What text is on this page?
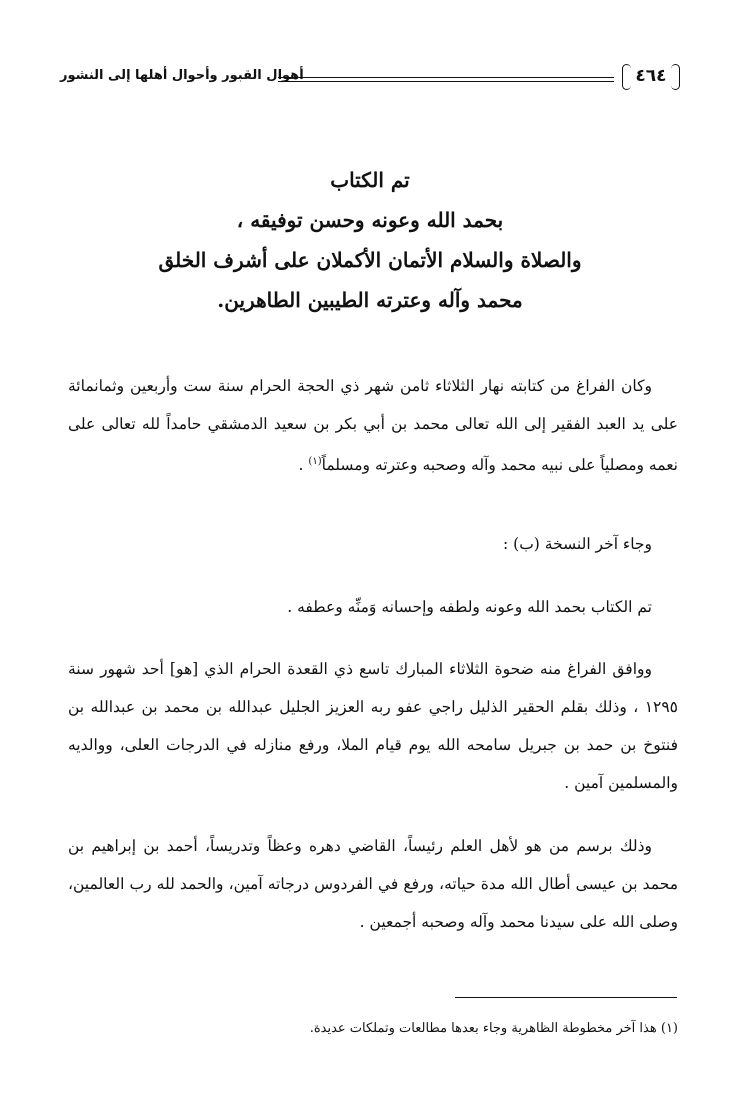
أهوال القبور وأحوال أهلها إلى النشور	٤٦٤
تم الكتاب
بحمد الله وعونه وحسن توفيقه ،
والصلاة والسلام الأتمان الأكملان على أشرف الخلق
محمد وآله وعترته الطيبين الطاهرين.
وكان الفراغ من كتابته نهار الثلاثاء ثامن شهر ذي الحجة الحرام سنة ست وأربعين وثمانمائة على يد العبد الفقير إلى الله تعالى محمد بن أبي بكر بن سعيد الدمشقي حامداً لله تعالى على نعمه ومصلياً على نبيه محمد وآله وصحبه وعترته ومسلماً$^{(١)}$ .
وجاء آخر النسخة (ب) :
تم الكتاب بحمد الله وعونه ولطفه وإحسانه وَمنِّه وعطفه .
ووافق الفراغ منه ضحوة الثلاثاء المبارك تاسع ذي القعدة الحرام الذي [هو] أحد شهور سنة ١٢٩٥ ، وذلك بقلم الحقير الذليل راجي عفو ربه العزيز الجليل عبدالله بن محمد بن عبدالله بن فنتوخ بن حمد بن جبريل سامحه الله يوم قيام الملا، ورفع منازله في الدرجات العلى، ووالديه والمسلمين آمين .
وذلك برسم من هو لأهل العلم رئيساً، القاضي دهره وعظاً وتدريساً، أحمد بن إبراهيم بن محمد بن عيسى أطال الله مدة حياته، ورفع في الفردوس درجاته آمين، والحمد لله رب العالمين، وصلى الله على سيدنا محمد وآله وصحبه أجمعين .
(١) هذا آخر مخطوطة الظاهرية وجاء بعدها مطالعات وتملكات عديدة.
